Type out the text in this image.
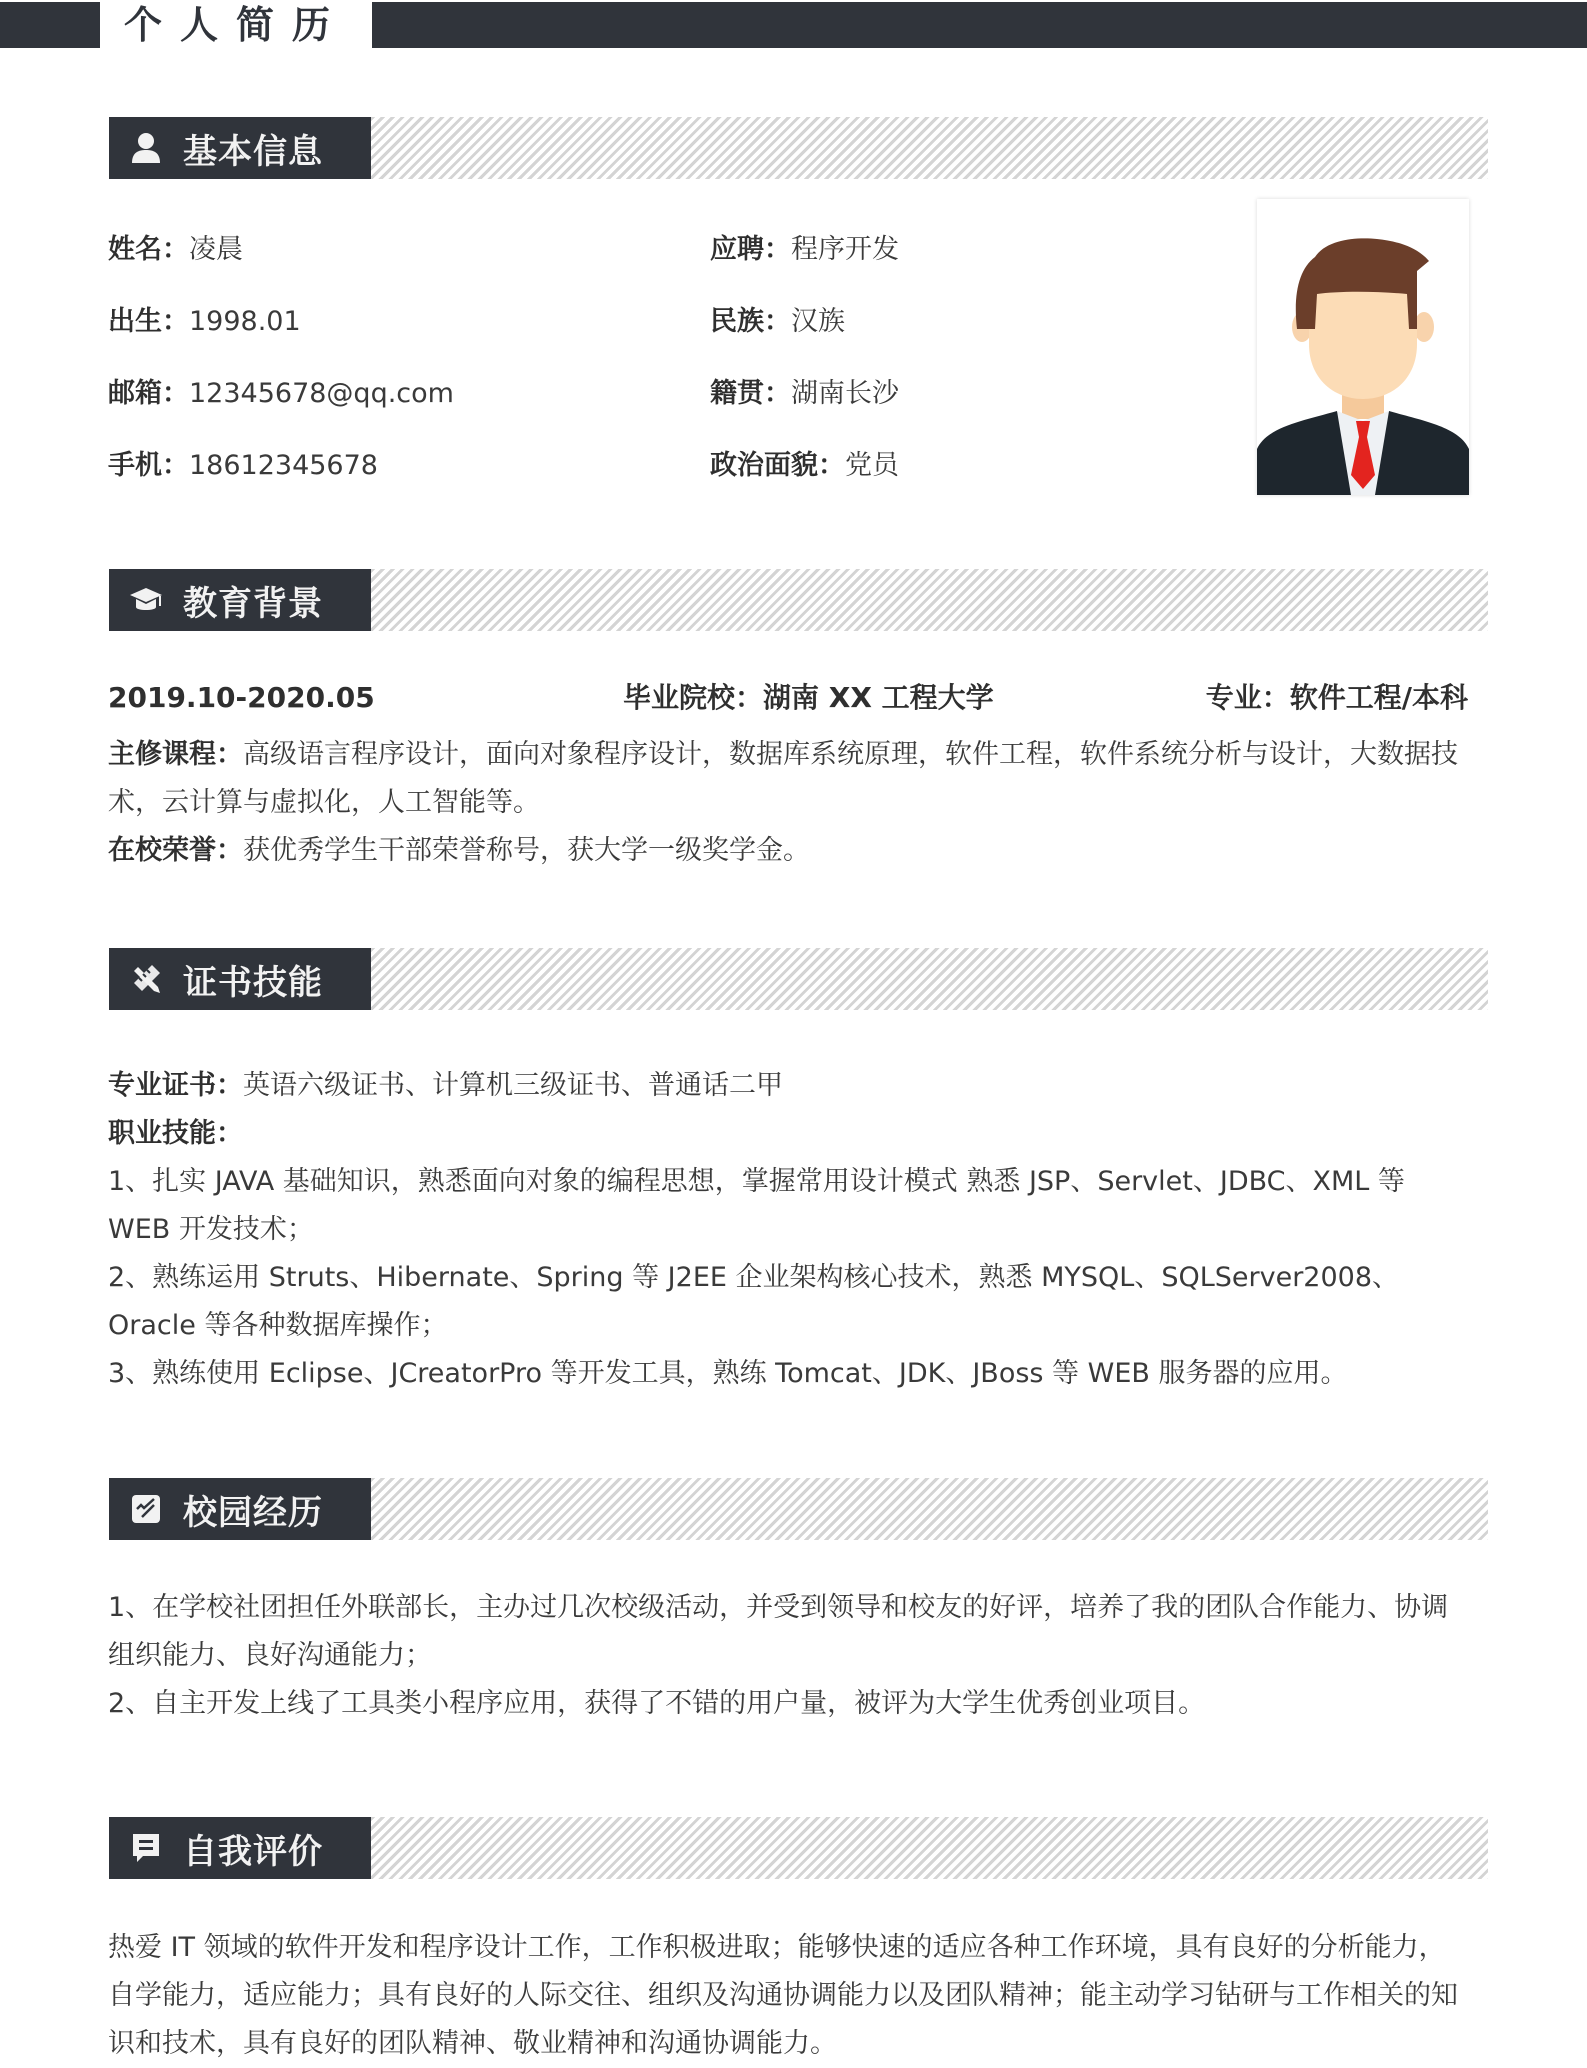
个人简历
基本信息
姓名：凌晨
出生：1998.01
邮箱：12345678@qq.com
手机：18612345678
应聘：程序开发
民族：汉族
籍贯：湖南长沙
政治面貌：党员
教育背景
2019.10-2020.05	毕业院校：湖南 XX 工程大学	专业：软件工程/本科
主修课程：高级语言程序设计，面向对象程序设计，数据库系统原理，软件工程，软件系统分析与设计，大数据技术，云计算与虚拟化，人工智能等。
在校荣誉：获优秀学生干部荣誉称号，获大学一级奖学金。
证书技能
专业证书：英语六级证书、计算机三级证书、普通话二甲
职业技能：
1、扎实 JAVA 基础知识，熟悉面向对象的编程思想，掌握常用设计模式 熟悉 JSP、Servlet、JDBC、XML 等 WEB 开发技术；
2、熟练运用 Struts、Hibernate、Spring 等 J2EE 企业架构核心技术，熟悉 MYSQL、SQLServer2008、Oracle 等各种数据库操作；
3、熟练使用 Eclipse、JCreatorPro 等开发工具，熟练 Tomcat、JDK、JBoss 等 WEB 服务器的应用。
校园经历
1、在学校社团担任外联部长，主办过几次校级活动，并受到领导和校友的好评，培养了我的团队合作能力、协调组织能力、良好沟通能力；
2、自主开发上线了工具类小程序应用，获得了不错的用户量，被评为大学生优秀创业项目。
自我评价
热爱 IT 领域的软件开发和程序设计工作，工作积极进取；能够快速的适应各种工作环境，具有良好的分析能力，自学能力，适应能力；具有良好的人际交往、组织及沟通协调能力以及团队精神；能主动学习钻研与工作相关的知识和技术，具有良好的团队精神、敬业精神和沟通协调能力。
